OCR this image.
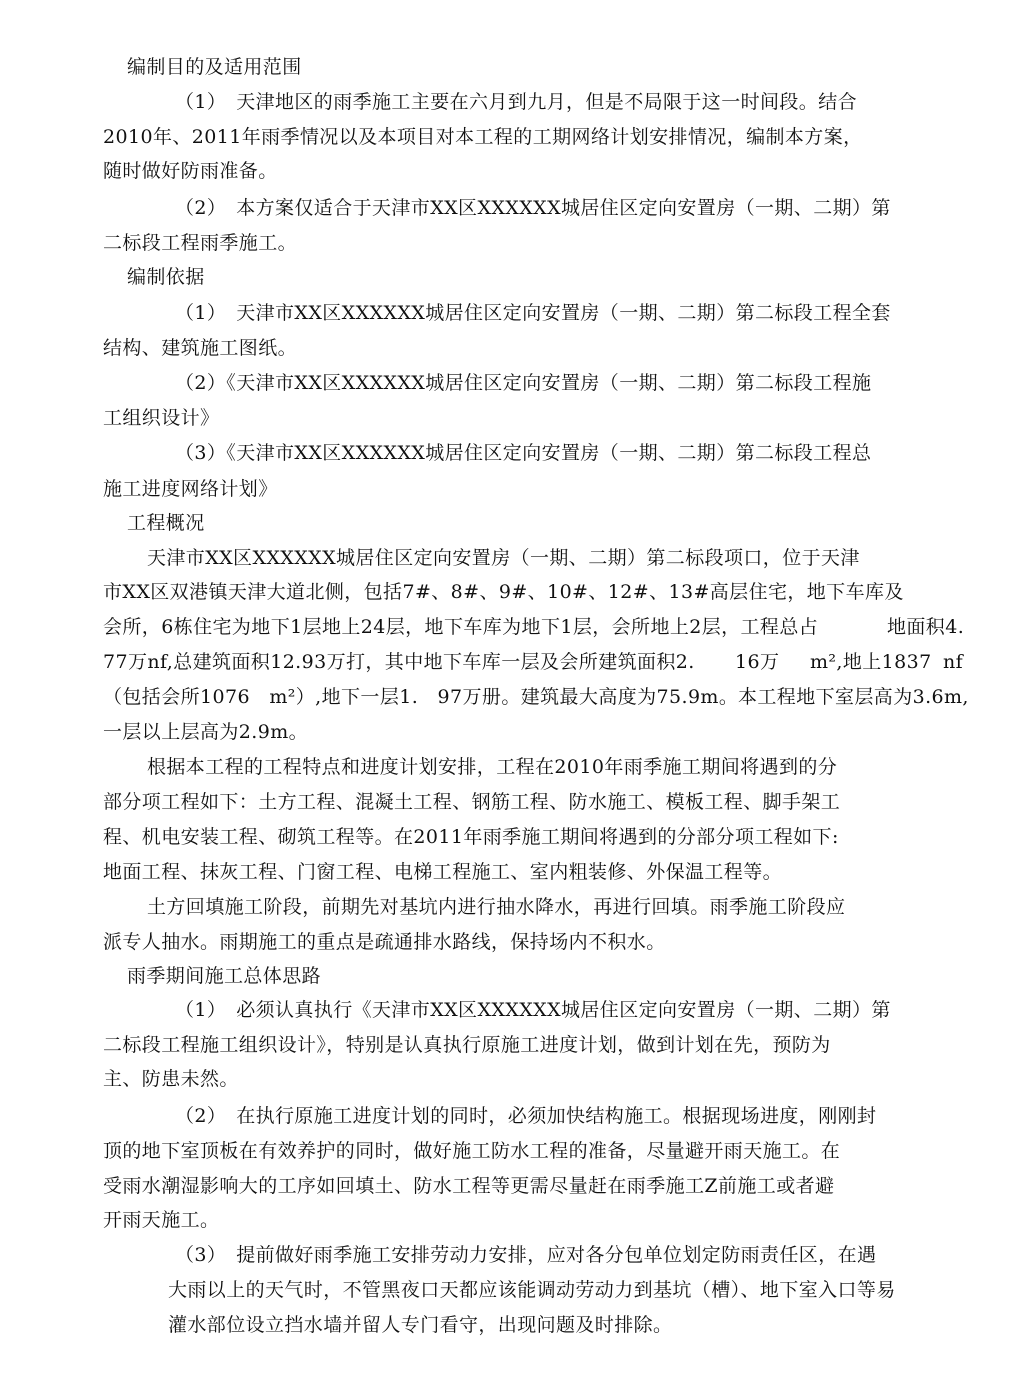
编制目的及适用范围
（1）　天津地区的雨季施工主要在六月到九月，但是不局限于这一时间段。结合
2010年、2011年雨季情况以及本项目对本工程的工期网络计划安排情况，编制本方案，
随时做好防雨准备。
（2）　本方案仅适合于天津市XX区XXXXXX城居住区定向安置房（一期、二期）第
二标段工程雨季施工。
编制依据
（1）　天津市XX区XXXXXX城居住区定向安置房（一期、二期）第二标段工程全套
结构、建筑施工图纸。
（2）《天津市XX区XXXXXX城居住区定向安置房（一期、二期）第二标段工程施
工组织设计》
（3）《天津市XX区XXXXXX城居住区定向安置房（一期、二期）第二标段工程总
施工进度网络计划》
工程概况
天津市XX区XXXXXX城居住区定向安置房（一期、二期）第二标段项口，位于天津
市XX区双港镇天津大道北侧，包括7#、8#、9#、10#、12#、13#高层住宅，地下车库及
会所，6栋住宅为地下1层地上24层，地下车库为地下1层，会所地上2层，工程总占	地面积4.
77万nf,总建筑面积12.93万打，其中地下车库一层及会所建筑面积2. 16万 m²,地上1837 nf
（包括会所1076　m²）,地下一层1.　97万册。建筑最大高度为75.9m。 本工程地下室层高为3.6m,
一层以上层高为2.9m。
根据本工程的工程特点和进度计划安排，工程在2010年雨季施工期间将遇到的分
部分项工程如下：土方工程、混凝土工程、钢筋工程、防水施工、模板工程、脚手架工
程、机电安装工程、砌筑工程等。在2011年雨季施工期间将遇到的分部分项工程如下:
地面工程、抹灰工程、门窗工程、电梯工程施工、室内粗装修、外保温工程等。
土方回填施工阶段，前期先对基坑内进行抽水降水，再进行回填。雨季施工阶段应
派专人抽水。雨期施工的重点是疏通排水路线，保持场内不积水。
雨季期间施工总体思路
（1）　必须认真执行《天津市XX区XXXXXX城居住区定向安置房（一期、二期）第
二标段工程施工组织设计》，特别是认真执行原施工进度计划，做到计划在先，预防为
主、防患未然。
（2）　在执行原施工进度计划的同时，必须加快结构施工。根据现场进度，刚刚封
顶的地下室顶板在有效养护的同时，做好施工防水工程的准备，尽量避开雨天施工。在
受雨水潮湿影响大的工序如回填土、防水工程等更需尽量赶在雨季施工Z前施工或者避
开雨天施工。
（3）　提前做好雨季施工安排劳动力安排，应对各分包单位划定防雨责任区，在遇
大雨以上的天气时，不管黑夜口天都应该能调动劳动力到基坑（槽）、地下室入口等易
灌水部位设立挡水墙并留人专门看守，出现问题及时排除。
